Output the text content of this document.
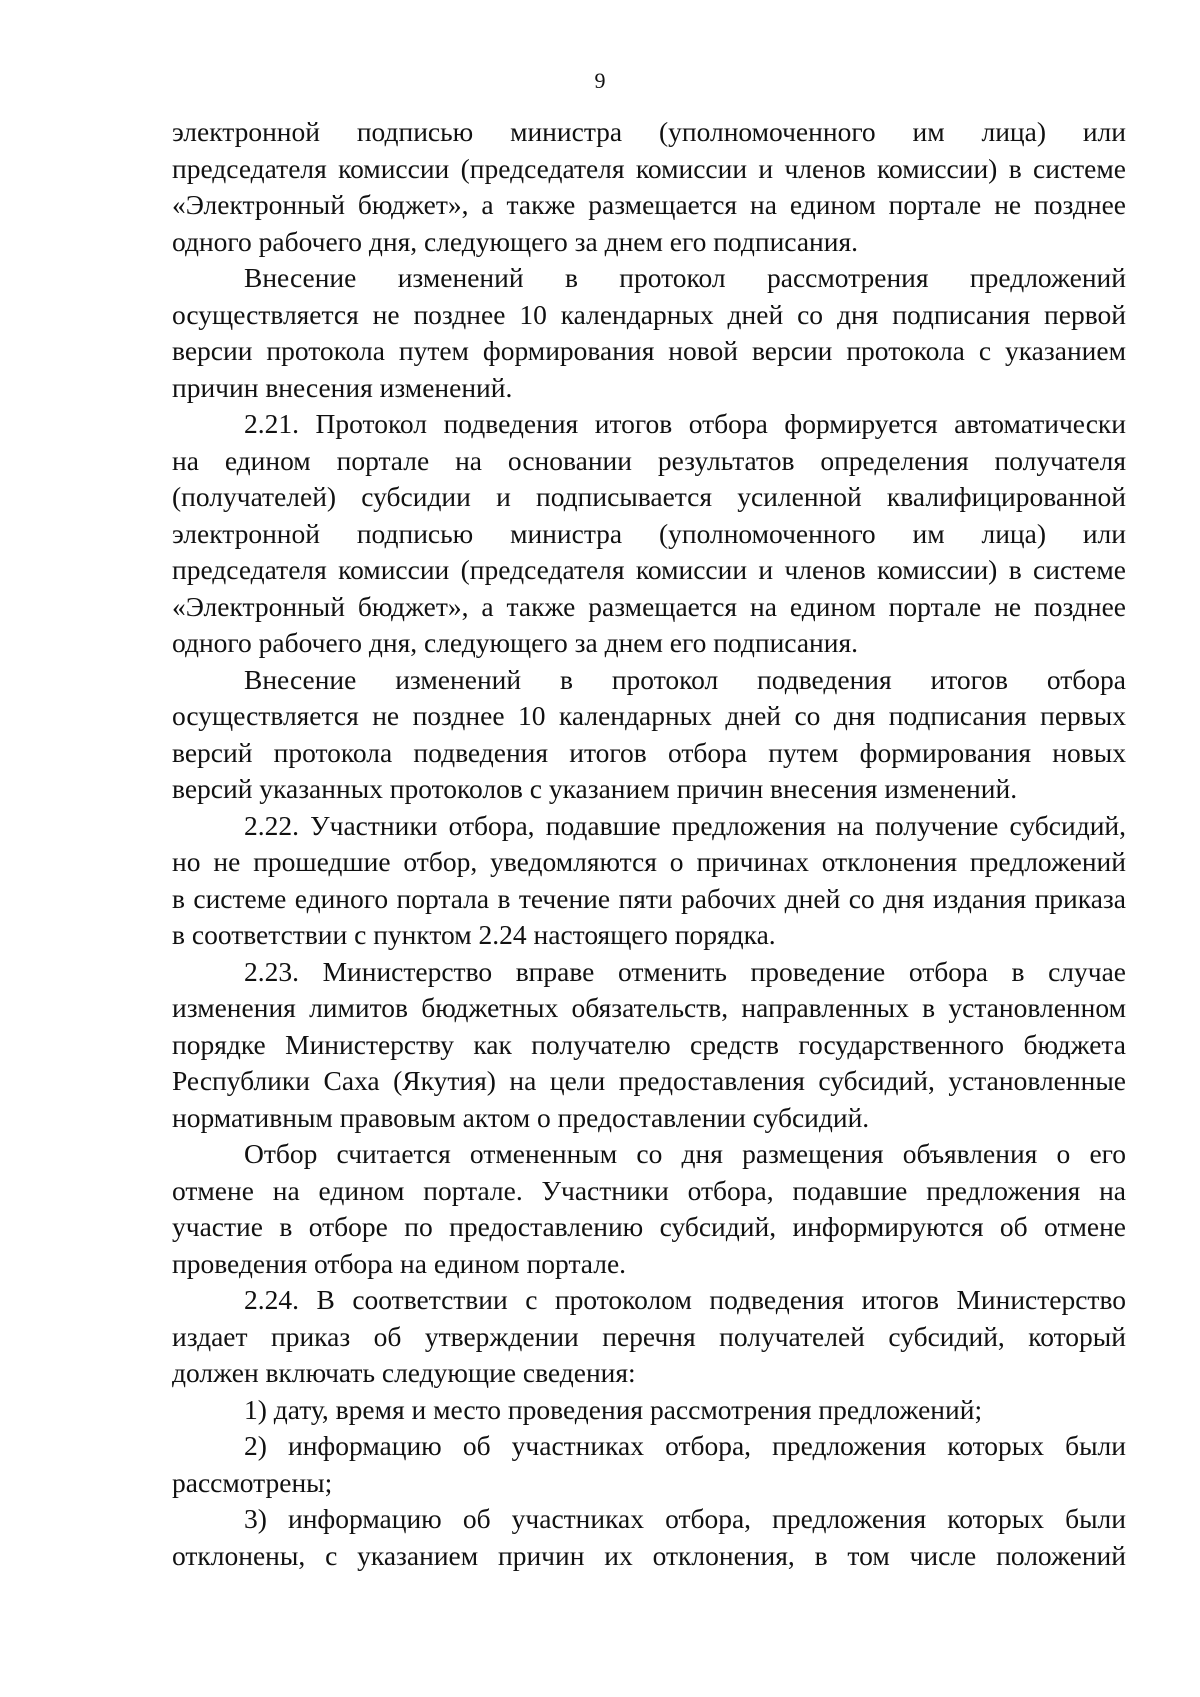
9
электронной подписью министра (уполномоченного им лица) или
председателя комиссии (председателя комиссии и членов комиссии) в системе
«Электронный бюджет», а также размещается на едином портале не позднее
одного рабочего дня, следующего за днем его подписания.
Внесение изменений в протокол рассмотрения предложений
осуществляется не позднее 10 календарных дней со дня подписания первой
версии протокола путем формирования новой версии протокола с указанием
причин внесения изменений.
2.21. Протокол подведения итогов отбора формируется автоматически
на едином портале на основании результатов определения получателя
(получателей) субсидии и подписывается усиленной квалифицированной
электронной подписью министра (уполномоченного им лица) или
председателя комиссии (председателя комиссии и членов комиссии) в системе
«Электронный бюджет», а также размещается на едином портале не позднее
одного рабочего дня, следующего за днем его подписания.
Внесение изменений в протокол подведения итогов отбора
осуществляется не позднее 10 календарных дней со дня подписания первых
версий протокола подведения итогов отбора путем формирования новых
версий указанных протоколов с указанием причин внесения изменений.
2.22. Участники отбора, подавшие предложения на получение субсидий,
но не прошедшие отбор, уведомляются о причинах отклонения предложений
в системе единого портала в течение пяти рабочих дней со дня издания приказа
в соответствии с пунктом 2.24 настоящего порядка.
2.23. Министерство вправе отменить проведение отбора в случае
изменения лимитов бюджетных обязательств, направленных в установленном
порядке Министерству как получателю средств государственного бюджета
Республики Саха (Якутия) на цели предоставления субсидий, установленные
нормативным правовым актом о предоставлении субсидий.
Отбор считается отмененным со дня размещения объявления о его
отмене на едином портале. Участники отбора, подавшие предложения на
участие в отборе по предоставлению субсидий, информируются об отмене
проведения отбора на едином портале.
2.24. В соответствии с протоколом подведения итогов Министерство
издает приказ об утверждении перечня получателей субсидий, который
должен включать следующие сведения:
1) дату, время и место проведения рассмотрения предложений;
2) информацию об участниках отбора, предложения которых были
рассмотрены;
3) информацию об участниках отбора, предложения которых были
отклонены, с указанием причин их отклонения, в том числе положений
